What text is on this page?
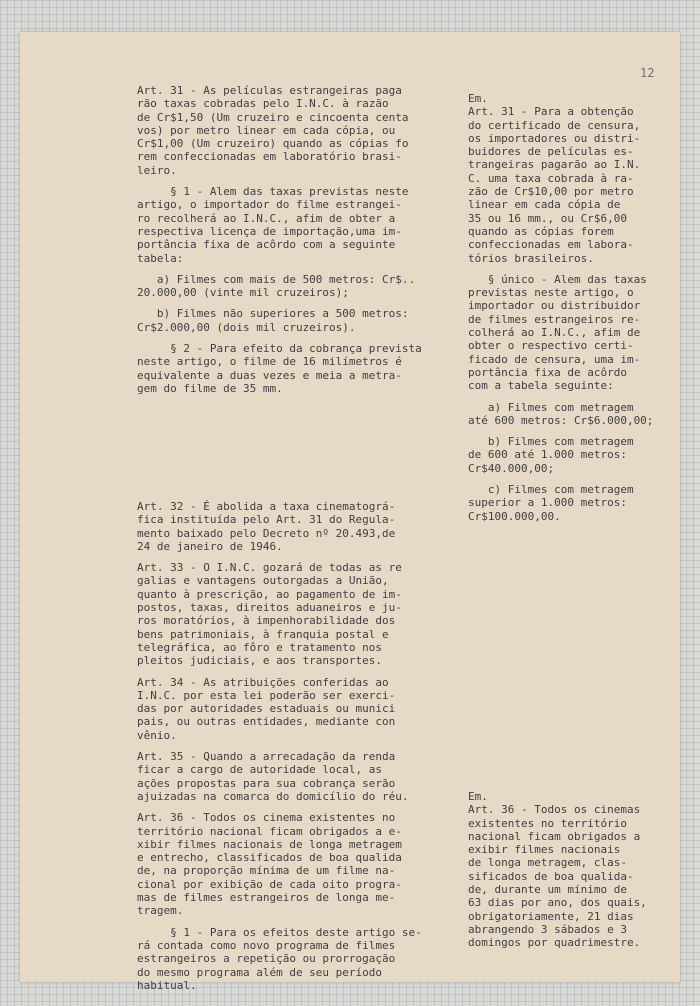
12

Art. 31 - As películas estrangeiras paga
rão taxas cobradas pelo I.N.C. à razão
de Cr$1,50 (Um cruzeiro e cincoenta centa
vos) por metro linear em cada cópia, ou
Cr$1,00 (Um cruzeiro) quando as cópias fo
rem confeccionadas em laboratório brasi-
leiro.

§ 1 - Alem das taxas previstas neste
artigo, o importador do filme estrangei-
ro recolherá ao I.N.C., afim de obter a
respectiva licença de importação,uma im-
portância fixa de acôrdo com a seguinte
tabela:

a) Filmes com mais de 500 metros: Cr$..
20.000,00 (vinte mil cruzeiros);

b) Filmes não superiores a 500 metros:
Cr$2.000,00 (dois mil cruzeiros).

§ 2 - Para efeito da cobrança prevista
neste artigo, o filme de 16 milímetros é
equivalente a duas vezes e meia a metra-
gem do filme de 35 mm.

Art. 32 - É abolida a taxa cinematográ-
fica instituída pelo Art. 31 do Regula-
mento baixado pelo Decreto nº 20.493,de
24 de janeiro de 1946.

Art. 33 - O I.N.C. gozará de todas as re
galias e vantagens outorgadas a União,
quanto à prescrição, ao pagamento de im-
postos, taxas, direitos aduaneiros e ju-
ros moratórios, à impenhorabilidade dos
bens patrimoniais, à franquia postal e
telegráfica, ao fôro e tratamento nos
pleitos judiciais, e aos transportes.

Art. 34 - As atribuições conferidas ao
I.N.C. por esta lei poderão ser exerci-
das por autoridades estaduais ou munici
pais, ou outras entidades, mediante con
vênio.

Art. 35 - Quando a arrecadação da renda
ficar a cargo de autoridade local, as
ações propostas para sua cobrança serão
ajuizadas na comarca do domicílio do réu.

Art. 36 - Todos os cinema existentes no
território nacional ficam obrigados a e-
xibir filmes nacionais de longa metragem
e entrecho, classificados de boa qualida
de, na proporção mínima de um filme na-
cional por exibição de cada oito progra-
mas de filmes estrangeiros de longa me-
tragem.

§ 1 - Para os efeitos deste artigo se-
rá contada como novo programa de filmes
estrangeiros a repetição ou prorrogação
do mesmo programa além de seu período
habitual.

Em.
Art. 31 - Para a obtenção
do certificado de censura,
os importadores ou distri-
buidores de películas es-
trangeiras pagarão ao I.N.
C. uma taxa cobrada à ra-
zão de Cr$10,00 por metro
linear em cada cópia de
35 ou 16 mm., ou Cr$6,00
quando as cópias forem
confeccionadas em labora-
tórios brasileiros.

§ único - Alem das taxas
previstas neste artigo, o
importador ou distribuidor
de filmes estrangeiros re-
colherá ao I.N.C., afim de
obter o respectivo certi-
ficado de censura, uma im-
portância fixa de acôrdo
com a tabela seguinte:

a) Filmes com metragem
até 600 metros: Cr$6.000,00;

b) Filmes com metragem
de 600 até 1.000 metros:
Cr$40.000,00;

c) Filmes com metragem
superior a 1.000 metros:
Cr$100.000,00.

Em.
Art. 36 - Todos os cinemas
existentes no território
nacional ficam obrigados a
exibir filmes nacionais
de longa metragem, clas-
sificados de boa qualida-
de, durante um mínimo de
63 dias por ano, dos quais,
obrigatoriamente, 21 dias
abrangendo 3 sábados e 3
domingos por quadrimestre.
